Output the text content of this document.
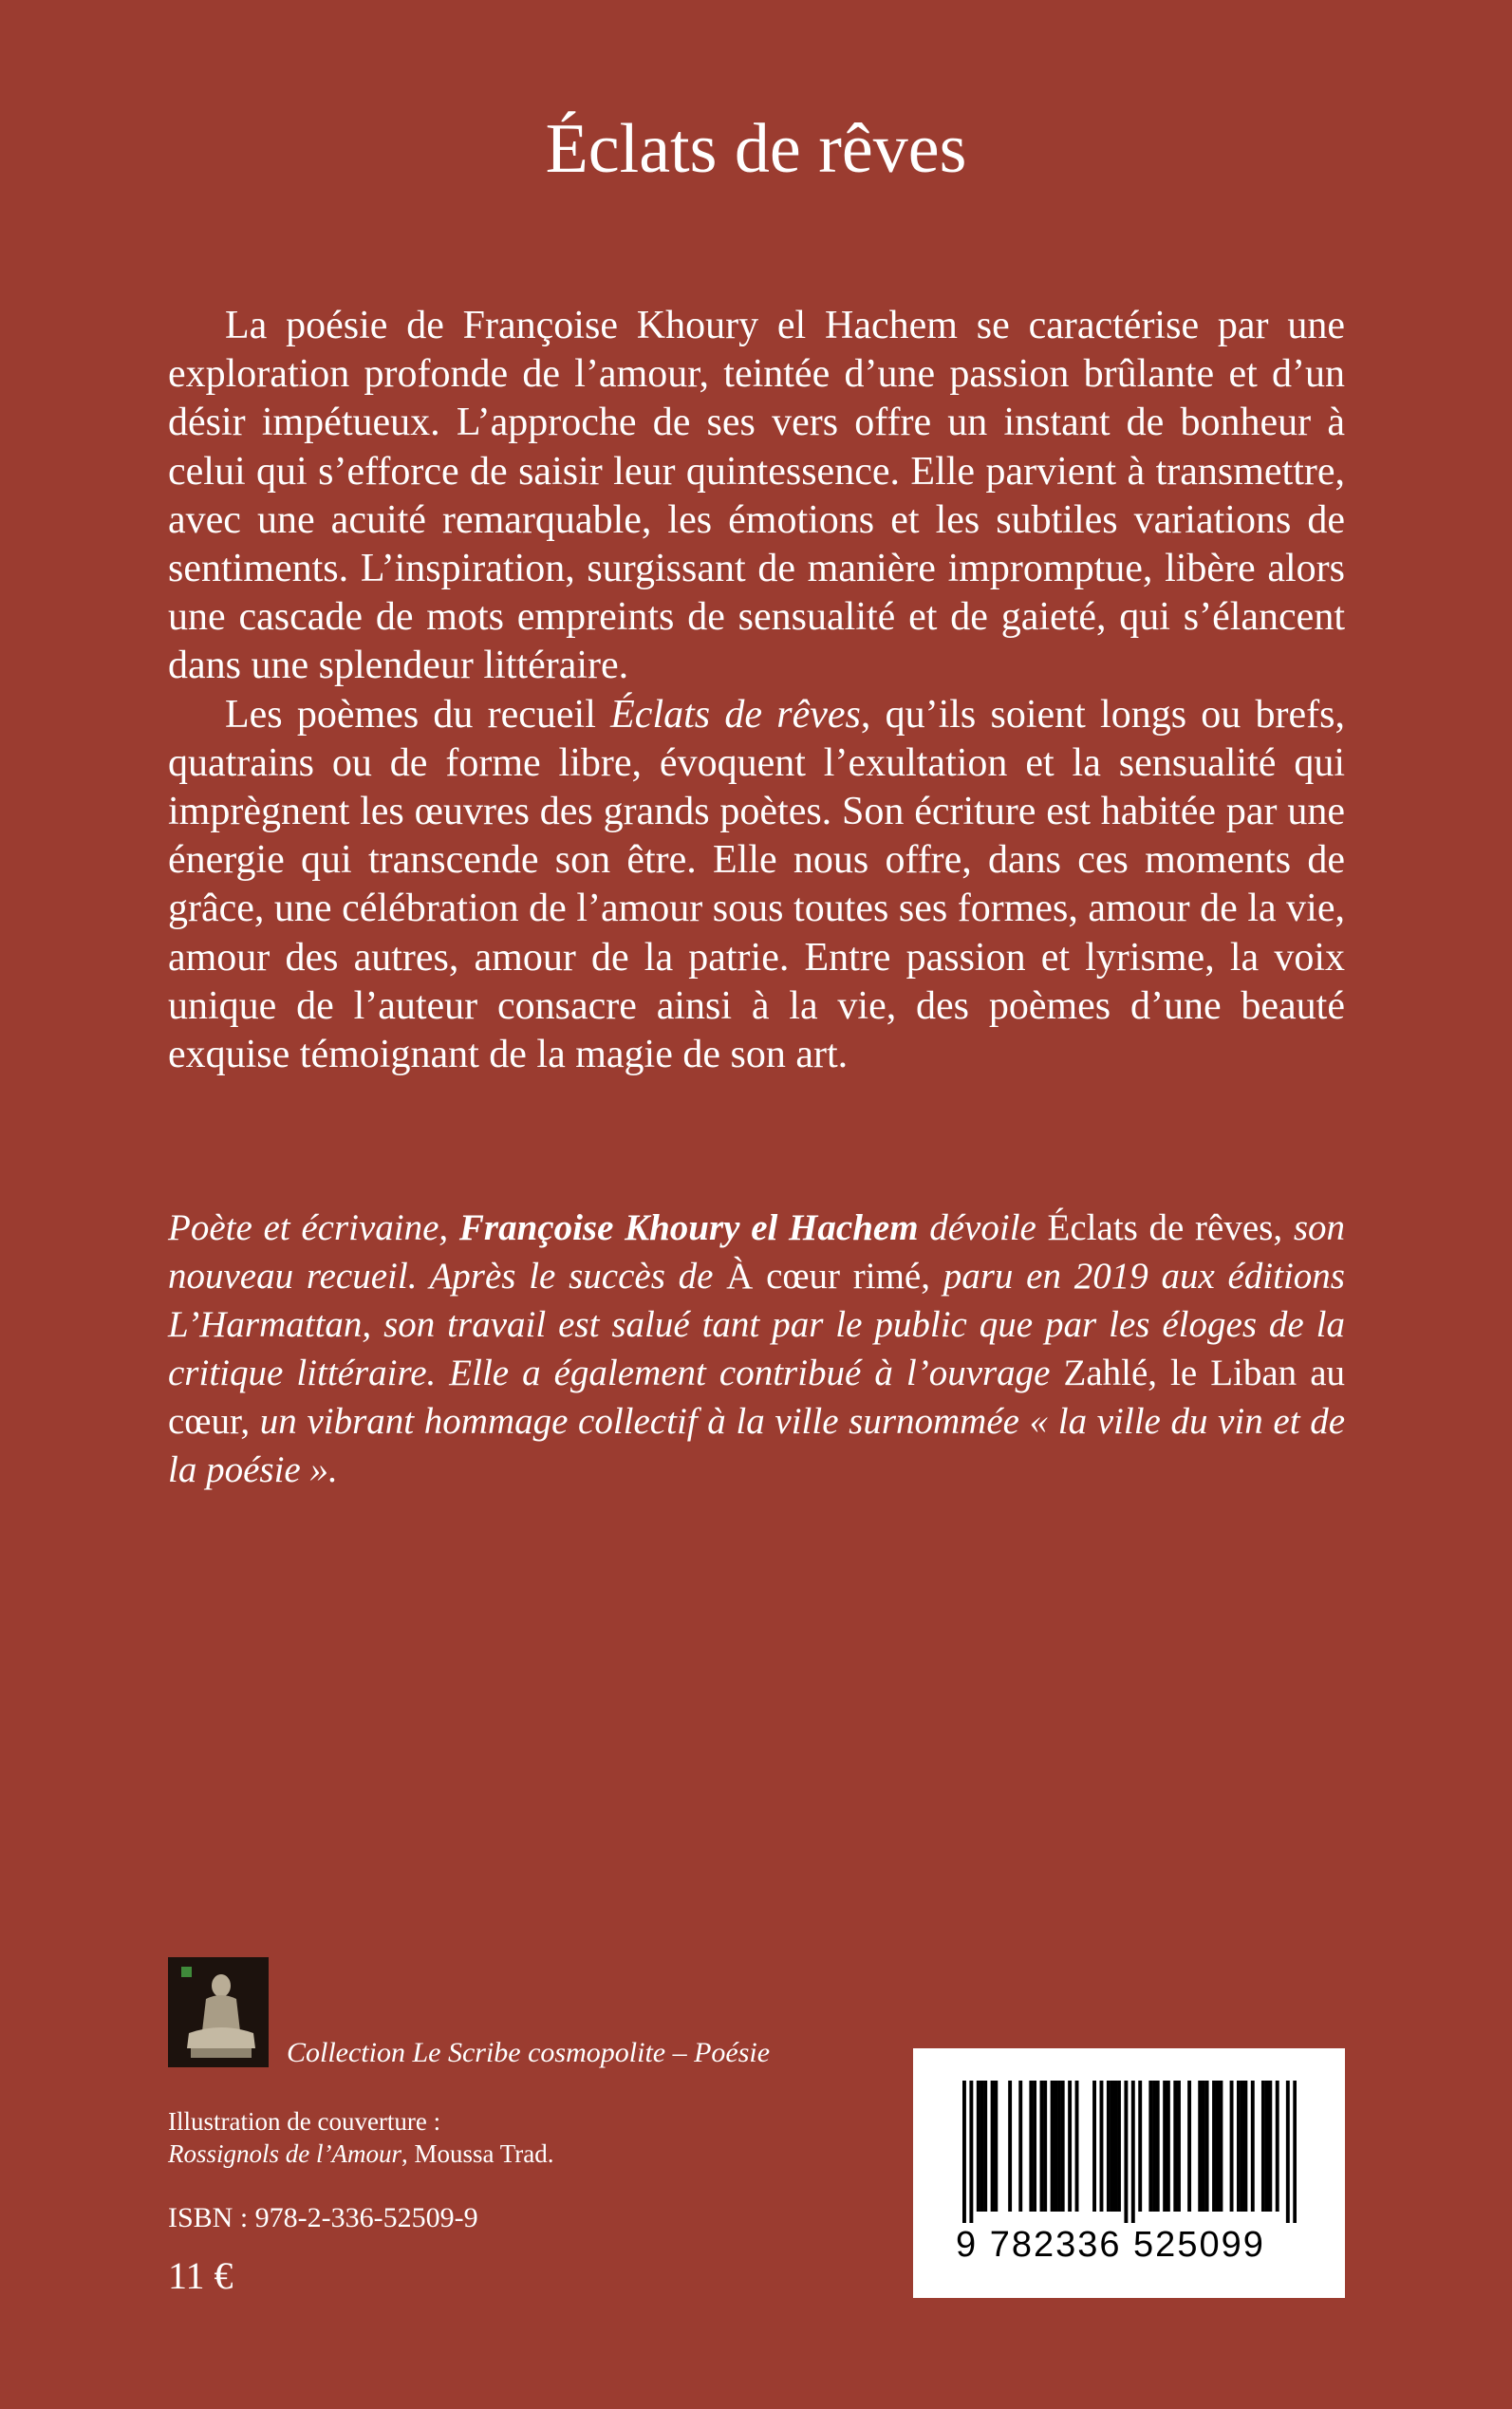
Éclats de rêves

La poésie de Françoise Khoury el Hachem se caractérise par une exploration profonde de l’amour, teintée d’une passion brûlante et d’un désir impétueux. L’approche de ses vers offre un instant de bonheur à celui qui s’efforce de saisir leur quintessence. Elle parvient à transmettre, avec une acuité remarquable, les émotions et les subtiles variations de sentiments. L’inspiration, surgissant de manière impromptue, libère alors une cascade de mots empreints de sensualité et de gaieté, qui s’élancent dans une splendeur littéraire.

Les poèmes du recueil Éclats de rêves, qu’ils soient longs ou brefs, quatrains ou de forme libre, évoquent l’exultation et la sensualité qui imprègnent les œuvres des grands poètes. Son écriture est habitée par une énergie qui transcende son être. Elle nous offre, dans ces moments de grâce, une célébration de l’amour sous toutes ses formes, amour de la vie, amour des autres, amour de la patrie. Entre passion et lyrisme, la voix unique de l’auteur consacre ainsi à la vie, des poèmes d’une beauté exquise témoignant de la magie de son art.

Poète et écrivaine, Françoise Khoury el Hachem dévoile Éclats de rêves, son nouveau recueil. Après le succès de À cœur rimé, paru en 2019 aux éditions L’Harmattan, son travail est salué tant par le public que par les éloges de la critique littéraire. Elle a également contribué à l’ouvrage Zahlé, le Liban au cœur, un vibrant hommage collectif à la ville surnommée « la ville du vin et de la poésie ».

Collection Le Scribe cosmopolite – Poésie
Illustration de couverture :
Rossignols de l’Amour, Moussa Trad.
ISBN : 978-2-336-52509-9
11 €
9 782336 525099
